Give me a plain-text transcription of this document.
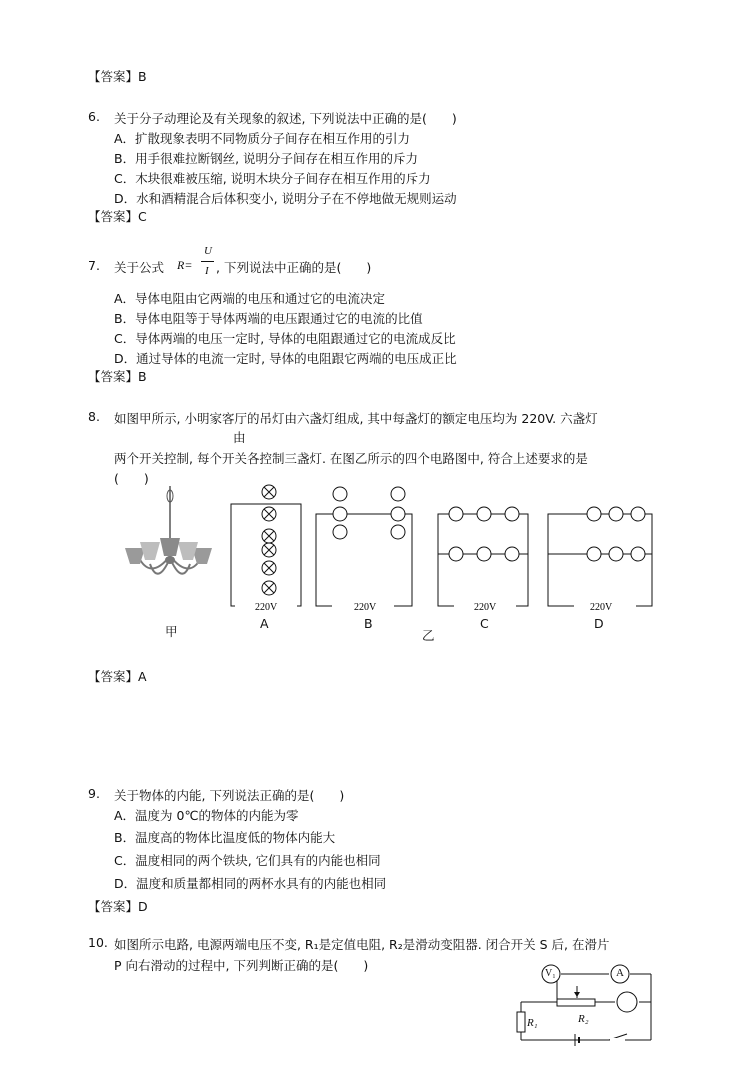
【答案】B
6. 关于分子动理论及有关现象的叙述, 下列说法中正确的是(　　)
A．扩散现象表明不同物质分子间存在相互作用的引力
B．用手很难拉断钢丝, 说明分子间存在相互作用的斥力
C．木块很难被压缩, 说明木块分子间存在相互作用的斥力
D．水和酒精混合后体积变小, 说明分子在不停地做无规则运动
【答案】C
7. 关于公式 R=
U
I , 下列说法中正确的是(　　)
A．导体电阻由它两端的电压和通过它的电流决定
B．导体电阻等于导体两端的电压跟通过它的电流的比值
C．导体两端的电压一定时, 导体的电阻跟通过它的电流成反比
D．通过导体的电流一定时, 导体的电阻跟它两端的电压成正比
【答案】B
8. 如图甲所示, 小明家客厅的吊灯由六盏灯组成, 其中每盏灯的额定电压均为 220V. 六盏灯
由
两个开关控制, 每个开关各控制三盏灯. 在图乙所示的四个电路图中, 符合上述要求的是
(　　)
甲
220V
A
220V
B
乙
220V
C
220V
D
【答案】A
9. 关于物体的内能, 下列说法正确的是(　　)
A．温度为 0℃的物体的内能为零
B．温度高的物体比温度低的物体内能大
C．温度相同的两个铁块, 它们具有的内能也相同
D．温度和质量都相同的两杯水具有的内能也相同
【答案】D
10. 如图所示电路, 电源两端电压不变, R₁是定值电阻, R₂是滑动变阻器. 闭合开关 S 后, 在滑片
P 向右滑动的过程中, 下列判断正确的是(　　)
V₁	A
R₁	R₂
